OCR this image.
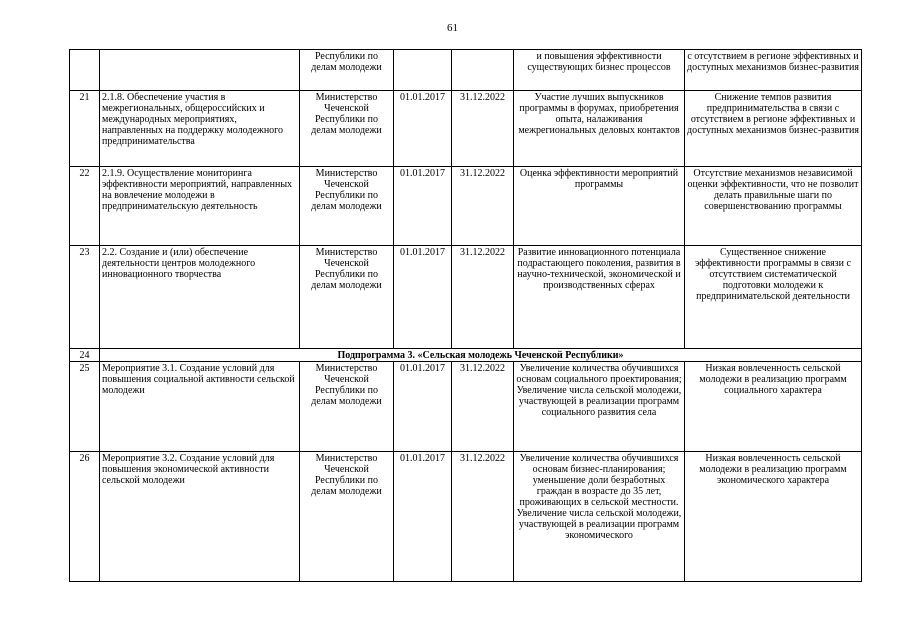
61
		Республики по делам молодежи			и повышения эффективности существующих бизнес процессов	с отсутствием в регионе эффективных и доступных механизмов бизнес-развития
21	2.1.8. Обеспечение участия в межрегиональных, общероссийских и международных мероприятиях, направленных на поддержку молодежного предпринимательства	Министерство Чеченской Республики по делам молодежи	01.01.2017	31.12.2022	Участие лучших выпускников программы в форумах, приобретения опыта, налаживания межрегиональных деловых контактов	Снижение темпов развития предпринимательства в связи с отсутствием в регионе эффективных и доступных механизмов бизнес-развития
22	2.1.9. Осуществление мониторинга эффективности мероприятий, направленных на вовлечение молодежи в предпринимательскую деятельность	Министерство Чеченской Республики по делам молодежи	01.01.2017	31.12.2022	Оценка эффективности мероприятий программы	Отсутствие механизмов независимой оценки эффективности, что не позволит делать правильные шаги по совершенствованию программы
23	2.2. Создание и (или) обеспечение деятельности центров молодежного инновационного творчества	Министерство Чеченской Республики по делам молодежи	01.01.2017	31.12.2022	Развитие инновационного потенциала подрастающего поколения, развития в научно-технической, экономической и производственных сферах	Существенное снижение эффективности программы в связи с отсутствием систематической подготовки молодежи к предпринимательской деятельности
24	Подпрограмма 3. «Сельская молодежь Чеченской Республики»					
25	Мероприятие 3.1. Создание условий для повышения социальной активности сельской молодежи	Министерство Чеченской Республики по делам молодежи	01.01.2017	31.12.2022	Увеличение количества обучившихся основам социального проектирования; Увеличение числа сельской молодежи, участвующей в реализации программ социального развития села	Низкая вовлеченность сельской молодежи в реализацию программ социального характера
26	Мероприятие 3.2. Создание условий для повышения экономической активности сельской молодежи	Министерство Чеченской Республики по делам молодежи	01.01.2017	31.12.2022	Увеличение количества обучившихся основам бизнес-планирования; уменьшение доли безработных граждан в возрасте до 35 лет, проживающих в сельской местности. Увеличение числа сельской молодежи, участвующей в реализации программ экономического	Низкая вовлеченность сельской молодежи в реализацию программ экономического характера
